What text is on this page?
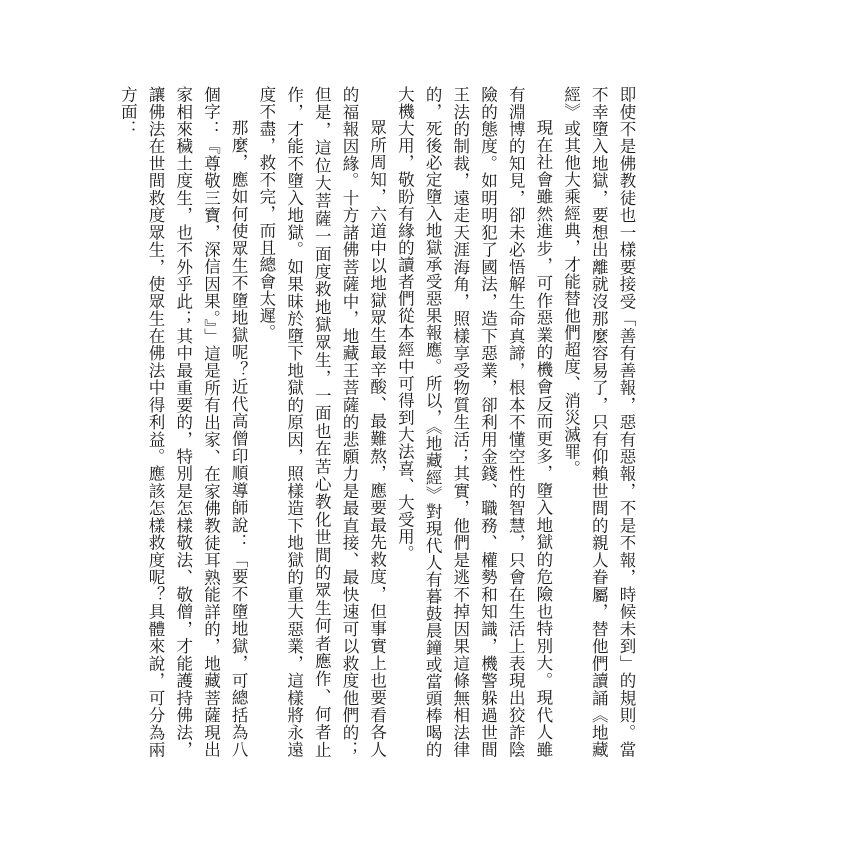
即使不是佛教徒也一樣要接受「善有善報，惡有惡報，不是不報，時候未到」的規則。當不幸墮入地獄，要想出離就沒那麼容易了，只有仰賴世間的親人眷屬，替他們讀誦《地藏經》或其他大乘經典，才能替他們超度、消災滅罪。

現在社會雖然進步，可作惡業的機會反而更多，墮入地獄的危險也特別大。現代人雖有淵博的知見，卻未必悟解生命真諦，根本不懂空性的智慧，只會在生活上表現出狡詐陰險的態度。如明明犯了國法，造下惡業，卻利用金錢、職務、權勢和知識，機警躲過世間王法的制裁，遠走天涯海角，照樣享受物質生活；其實，他們是逃不掉因果這條無相法律的，死後必定墮入地獄承受惡果報應。所以，《地藏經》對現代人有暮鼓晨鐘或當頭棒喝的大機大用，敬盼有緣的讀者們從本經中可得到大法喜、大受用。

眾所周知，六道中以地獄眾生最辛酸、最難熬，應要最先救度，但事實上也要看各人的福報因緣。十方諸佛菩薩中，地藏王菩薩的悲願力是最直接、最快速可以救度他們的；但是，這位大菩薩一面度救地獄眾生，一面也在苦心教化世間的眾生何者應作、何者止作，才能不墮入地獄。如果昧於墮下地獄的原因，照樣造下地獄的重大惡業，這樣將永遠度不盡，救不完，而且總會太遲。

那麼，應如何使眾生不墮地獄呢？近代高僧印順導師說：「要不墮地獄，可總括為八個字：『尊敬三寶，深信因果。』」這是所有出家、在家佛教徒耳熟能詳的，地藏菩薩現出家相來穢土度生，也不外乎此；其中最重要的，特別是怎樣敬法、敬僧，才能護持佛法，讓佛法在世間救度眾生，使眾生在佛法中得利益。應該怎樣救度呢？具體來說，可分為兩方面：
